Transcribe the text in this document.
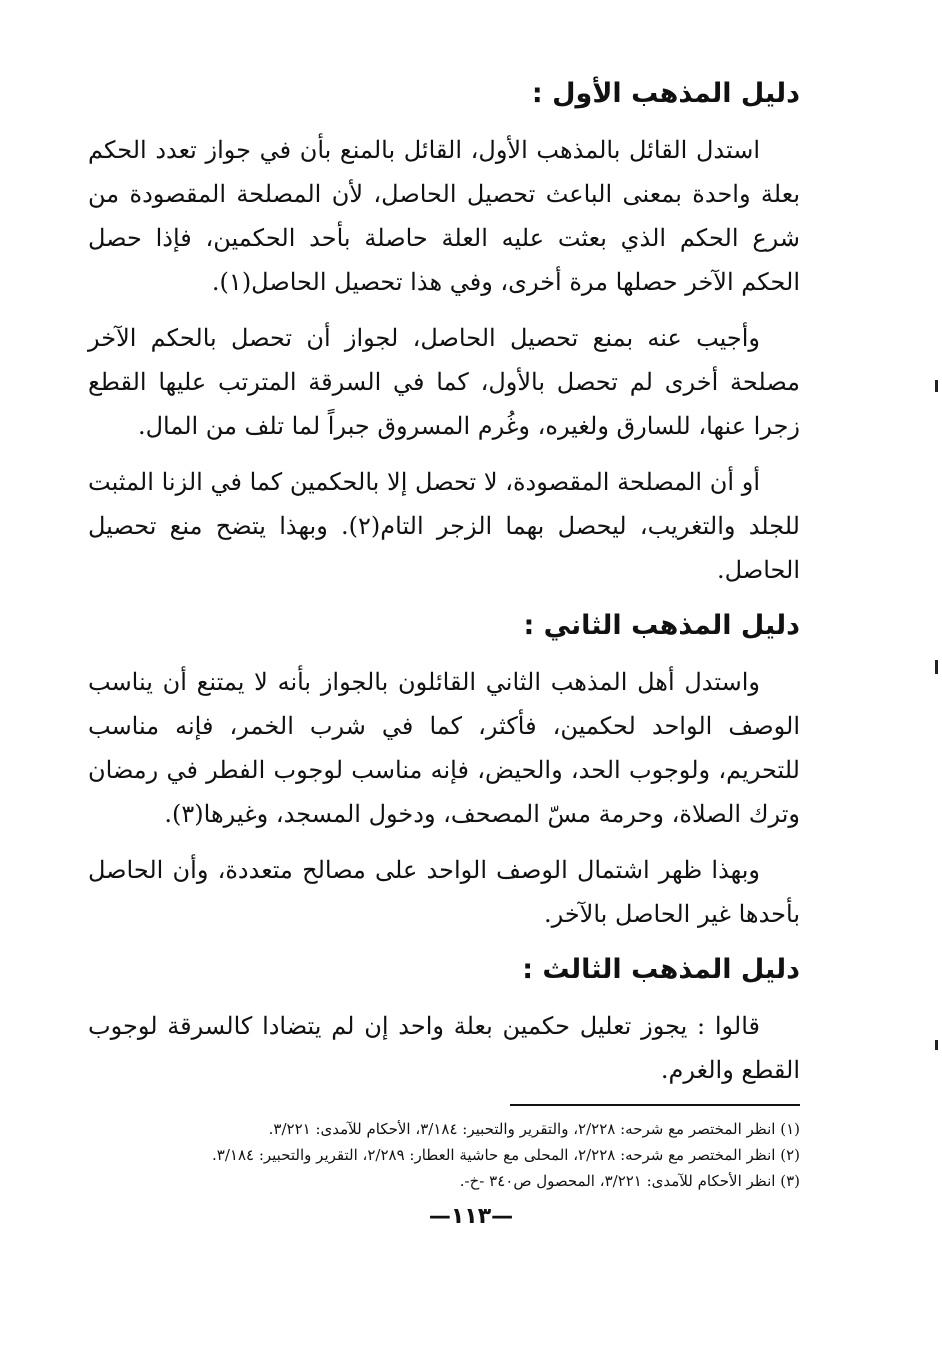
دليل المذهب الأول :

استدل القائل بالمذهب الأول، القائل بالمنع بأن في جواز تعدد الحكم بعلة واحدة بمعنى الباعث تحصيل الحاصل، لأن المصلحة المقصودة من شرع الحكم الذي بعثت عليه العلة حاصلة بأحد الحكمين، فإذا حصل الحكم الآخر حصلها مرة أخرى، وفي هذا تحصيل الحاصل(١).

وأجيب عنه بمنع تحصيل الحاصل، لجواز أن تحصل بالحكم الآخر مصلحة أخرى لم تحصل بالأول، كما في السرقة المترتب عليها القطع زجرا عنها، للسارق ولغيره، وغُرم المسروق جبراً لما تلف من المال.

أو أن المصلحة المقصودة، لا تحصل إلا بالحكمين كما في الزنا المثبت للجلد والتغريب، ليحصل بهما الزجر التام(٢). وبهذا يتضح منع تحصيل الحاصل.

دليل المذهب الثاني :

واستدل أهل المذهب الثاني القائلون بالجواز بأنه لا يمتنع أن يناسب الوصف الواحد لحكمين، فأكثر، كما في شرب الخمر، فإنه مناسب للتحريم، ولوجوب الحد، والحيض، فإنه مناسب لوجوب الفطر في رمضان وترك الصلاة، وحرمة مسّ المصحف، ودخول المسجد، وغيرها(٣).

وبهذا ظهر اشتمال الوصف الواحد على مصالح متعددة، وأن الحاصل بأحدها غير الحاصل بالآخر.

دليل المذهب الثالث :

قالوا : يجوز تعليل حكمين بعلة واحد إن لم يتضادا كالسرقة لوجوب القطع والغرم.

(١) انظر المختصر مع شرحه: ٢/٢٢٨، والتقرير والتحبير: ٣/١٨٤، الأحكام للآمدى: ٣/٢٢١.

(٢) انظر المختصر مع شرحه: ٢/٢٢٨، المحلى مع حاشية العطار: ٢/٢٨٩، التقرير والتحبير: ٣/١٨٤.

(٣) انظر الأحكام للآمدى: ٣/٢٢١، المحصول ص٣٤٠ -خ-.

—١١٣—
